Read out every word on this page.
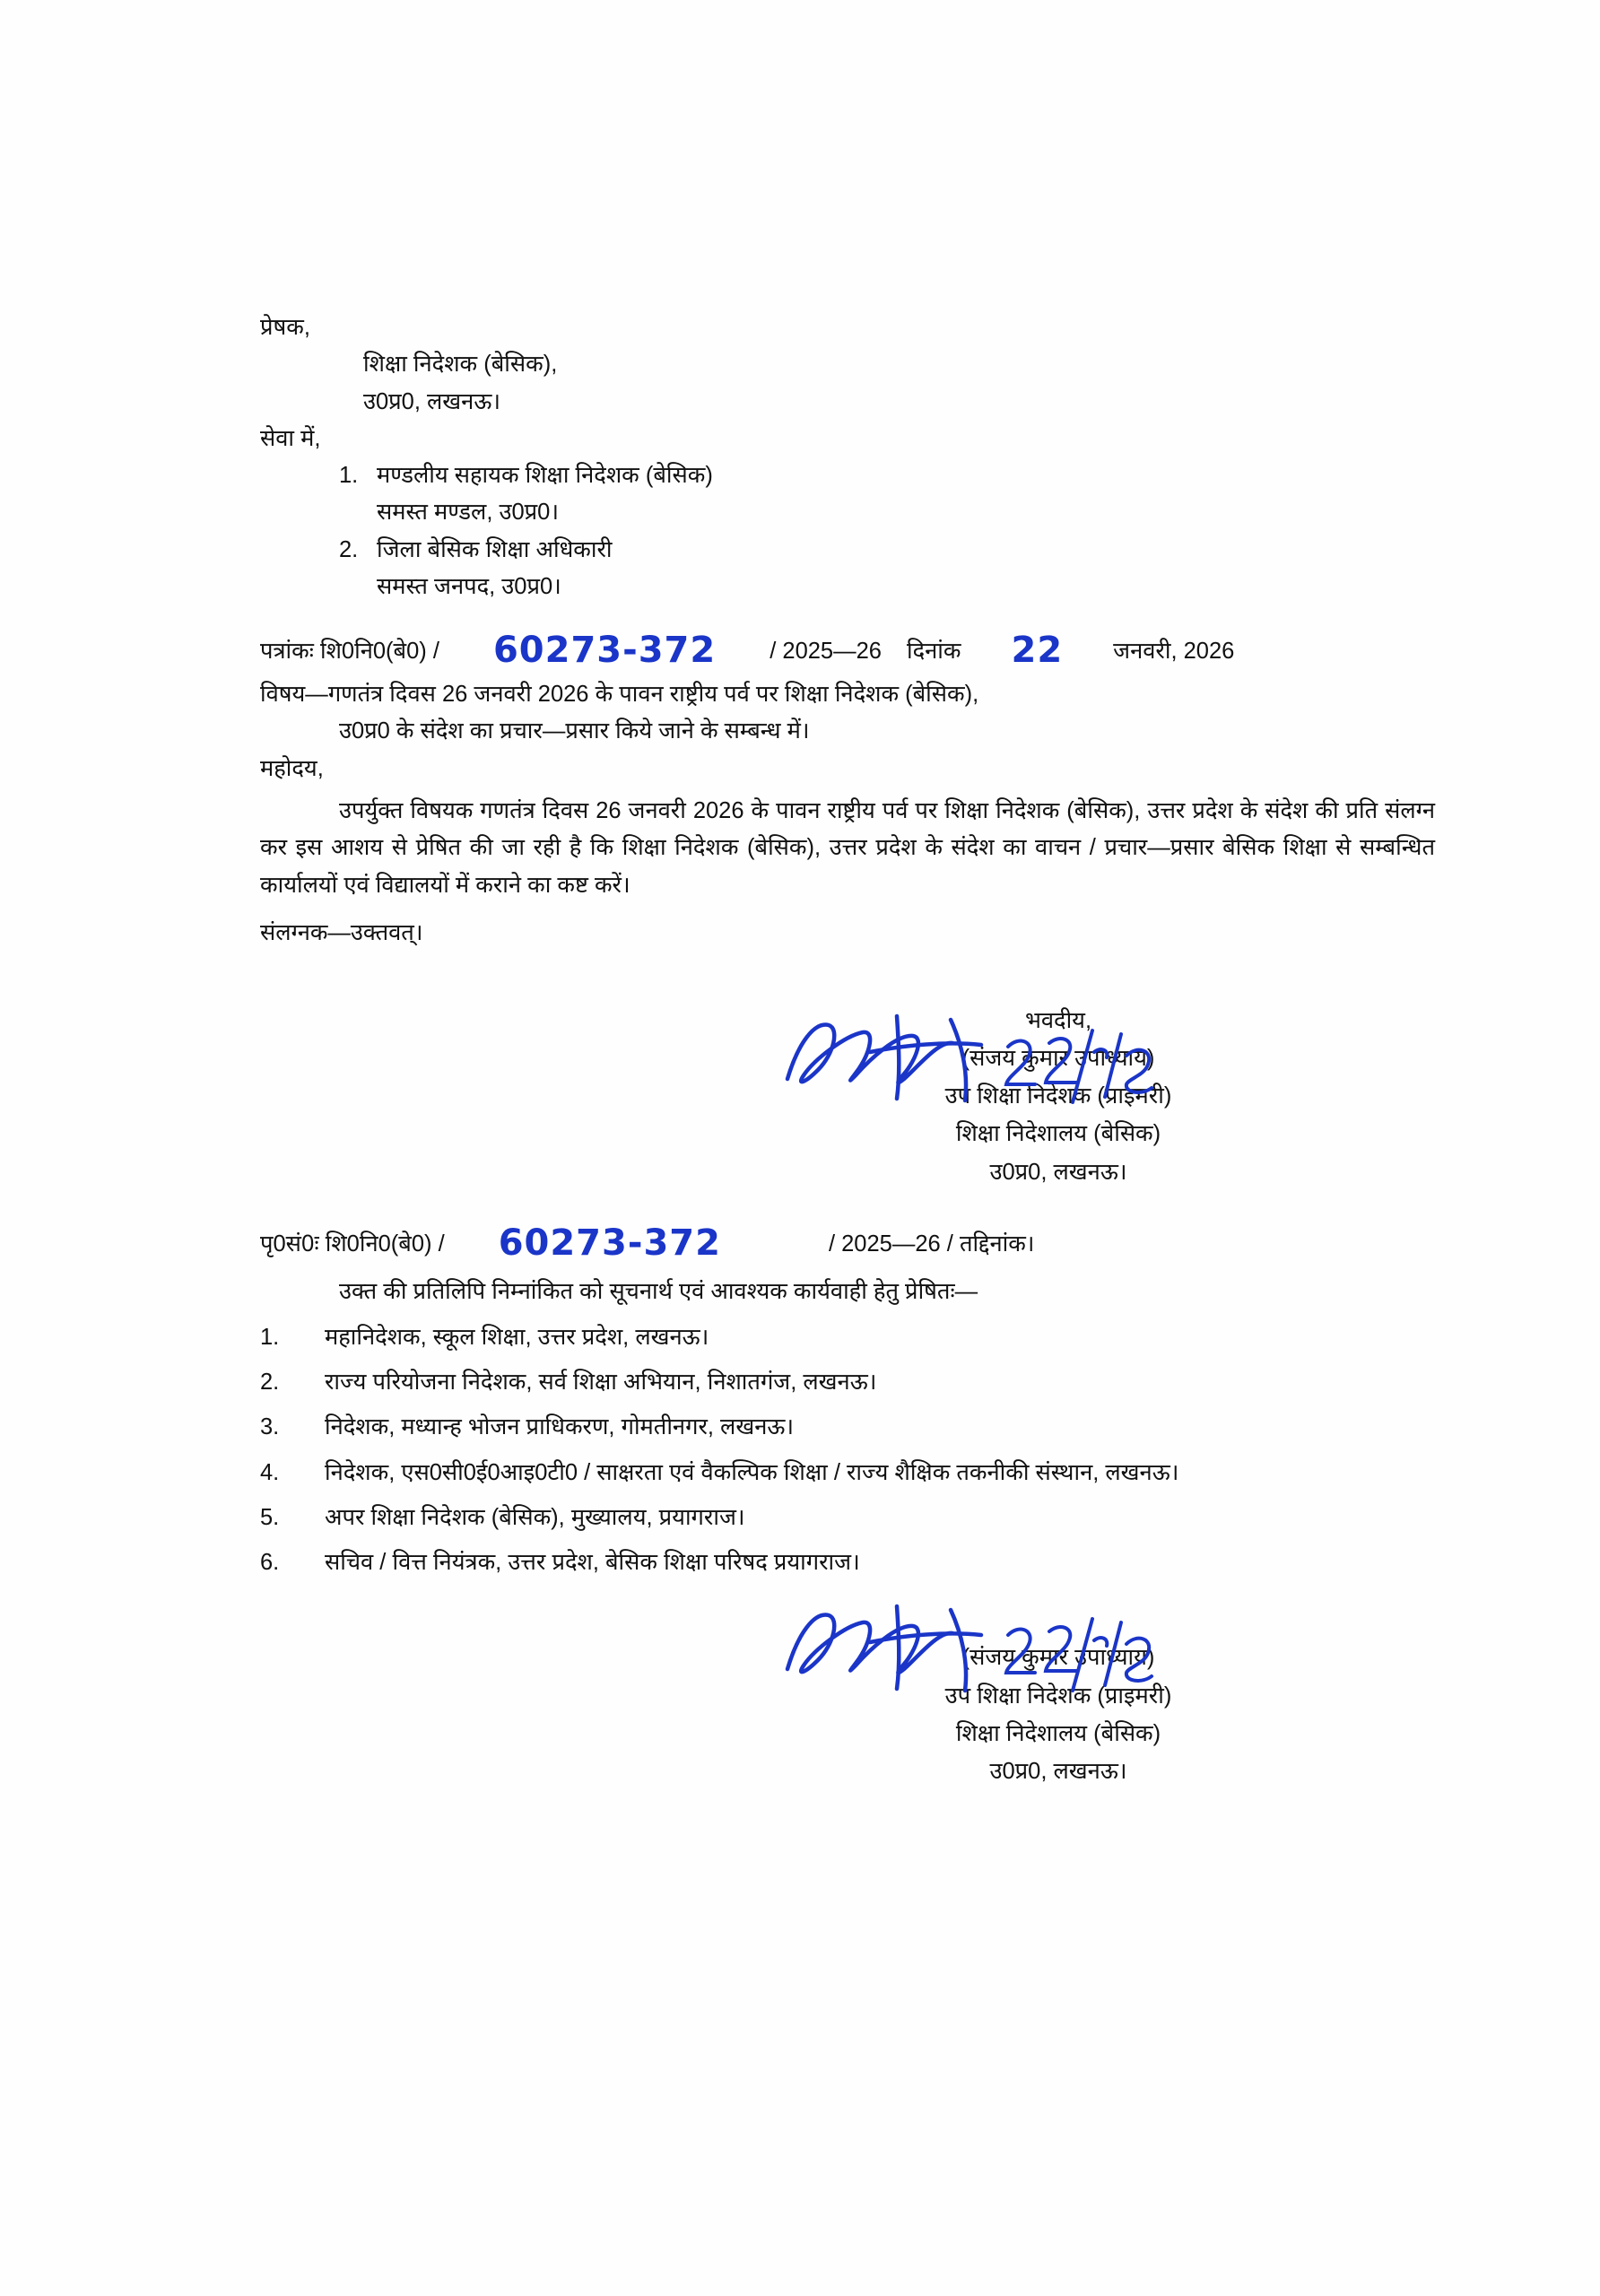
प्रेषक,
शिक्षा निदेशक (बेसिक),
उ0प्र0, लखनऊ।
सेवा में,
1. मण्डलीय सहायक शिक्षा निदेशक (बेसिक)
समस्त मण्डल, उ0प्र0।
2. जिला बेसिक शिक्षा अधिकारी
समस्त जनपद, उ0प्र0।
पत्रांकः शि0नि0(बे0) / 60273-372 / 2025—26 दिनांक 22 जनवरी, 2026
विषय— गणतंत्र दिवस 26 जनवरी 2026 के पावन राष्ट्रीय पर्व पर शिक्षा निदेशक (बेसिक),
उ0प्र0 के संदेश का प्रचार—प्रसार किये जाने के सम्बन्ध में।
महोदय,
उपर्युक्त विषयक गणतंत्र दिवस 26 जनवरी 2026 के पावन राष्ट्रीय पर्व पर शिक्षा निदेशक (बेसिक), उत्तर प्रदेश के संदेश की प्रति संलग्न कर इस आशय से प्रेषित की जा रही है कि शिक्षा निदेशक (बेसिक), उत्तर प्रदेश के संदेश का वाचन / प्रचार—प्रसार बेसिक शिक्षा से सम्बन्धित कार्यालयों एवं विद्यालयों में कराने का कष्ट करें।
संलग्नक—उक्तवत्।
भवदीय,
(संजय कुमार उपाध्याय)
उप शिक्षा निदेशक (प्राइमरी)
शिक्षा निदेशालय (बेसिक)
उ0प्र0, लखनऊ।
पृ0सं0ः शि0नि0(बे0) / 60273-372	/ 2025—26 / तद्दिनांक।
उक्त की प्रतिलिपि निम्नांकित को सूचनार्थ एवं आवश्यक कार्यवाही हेतु प्रेषितः—
1.	महानिदेशक, स्कूल शिक्षा, उत्तर प्रदेश, लखनऊ।
2.	राज्य परियोजना निदेशक, सर्व शिक्षा अभियान, निशातगंज, लखनऊ।
3.	निदेशक, मध्यान्ह भोजन प्राधिकरण, गोमतीनगर, लखनऊ।
4.	निदेशक, एस0सी0ई0आइ0टी0 / साक्षरता एवं वैकल्पिक शिक्षा / राज्य शैक्षिक तकनीकी संस्थान, लखनऊ।
5.	अपर शिक्षा निदेशक (बेसिक), मुख्यालय, प्रयागराज।
6.	सचिव / वित्त नियंत्रक, उत्तर प्रदेश, बेसिक शिक्षा परिषद प्रयागराज।
(संजय कुमार उपाध्याय)
उप शिक्षा निदेशक (प्राइमरी)
शिक्षा निदेशालय (बेसिक)
उ0प्र0, लखनऊ।
